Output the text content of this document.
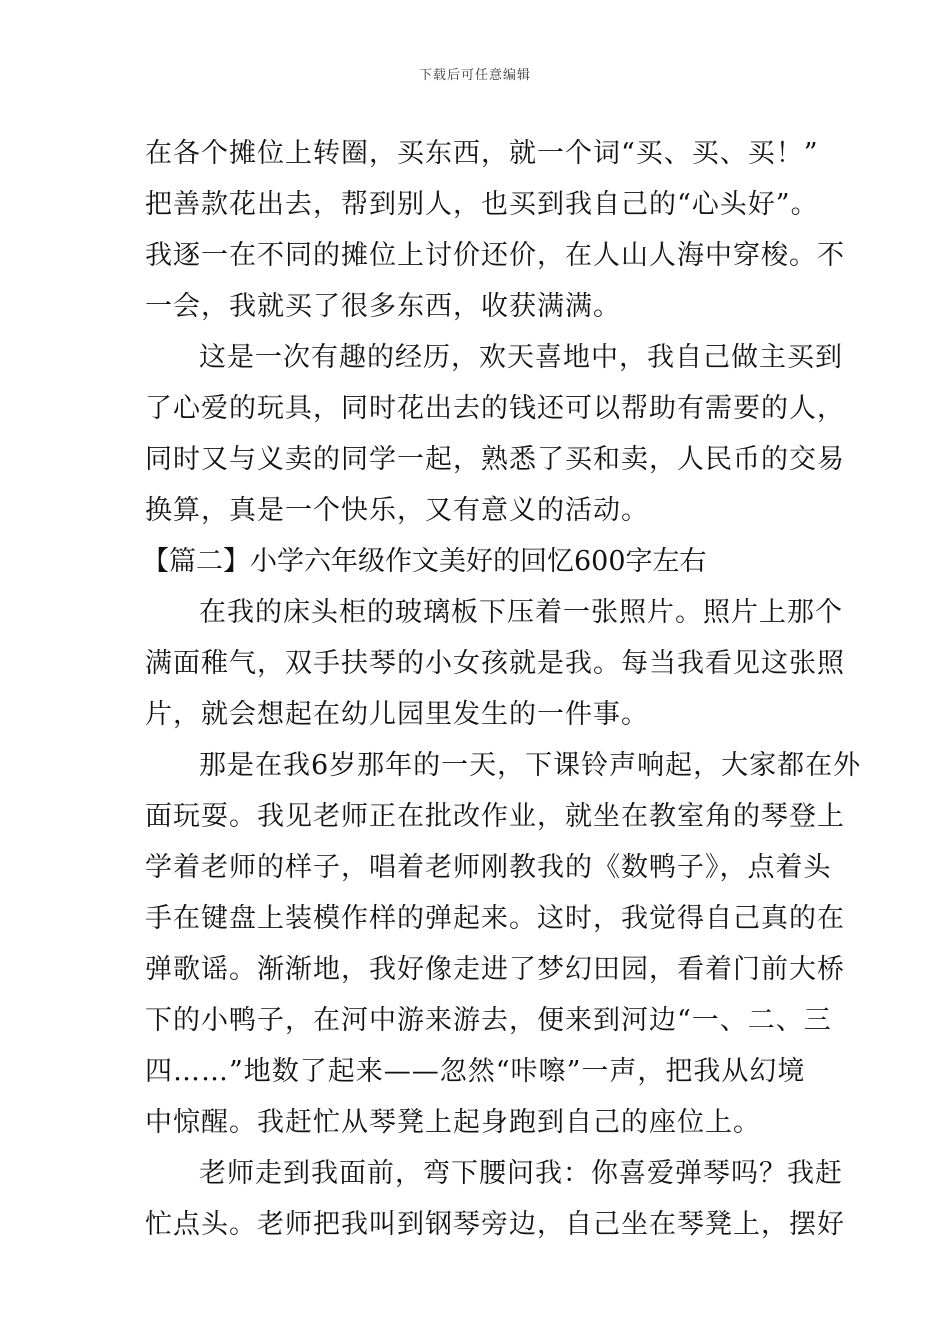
下载后可任意编辑
在各个摊位上转圈，买东西，就一个词“买、买、买！”
把善款花出去，帮到别人，也买到我自己的“心头好”。
我逐一在不同的摊位上讨价还价，在人山人海中穿梭。不
一会，我就买了很多东西，收获满满。
这是一次有趣的经历，欢天喜地中，我自己做主买到
了心爱的玩具，同时花出去的钱还可以帮助有需要的人，
同时又与义卖的同学一起，熟悉了买和卖，人民币的交易
换算，真是一个快乐，又有意义的活动。
【篇二】小学六年级作文美好的回忆600字左右
在我的床头柜的玻璃板下压着一张照片。照片上那个
满面稚气，双手扶琴的小女孩就是我。每当我看见这张照
片，就会想起在幼儿园里发生的一件事。
那是在我6岁那年的一天，下课铃声响起，大家都在外
面玩耍。我见老师正在批改作业，就坐在教室角的琴登上
学着老师的样子，唱着老师刚教我的《数鸭子》，点着头
手在键盘上装模作样的弹起来。这时，我觉得自己真的在
弹歌谣。渐渐地，我好像走进了梦幻田园，看着门前大桥
下的小鸭子，在河中游来游去，便来到河边“一、二、三
四……”地数了起来——忽然“咔嚓”一声，把我从幻境
中惊醒。我赶忙从琴凳上起身跑到自己的座位上。
老师走到我面前，弯下腰问我：你喜爱弹琴吗？我赶
忙点头。老师把我叫到钢琴旁边，自己坐在琴凳上，摆好
